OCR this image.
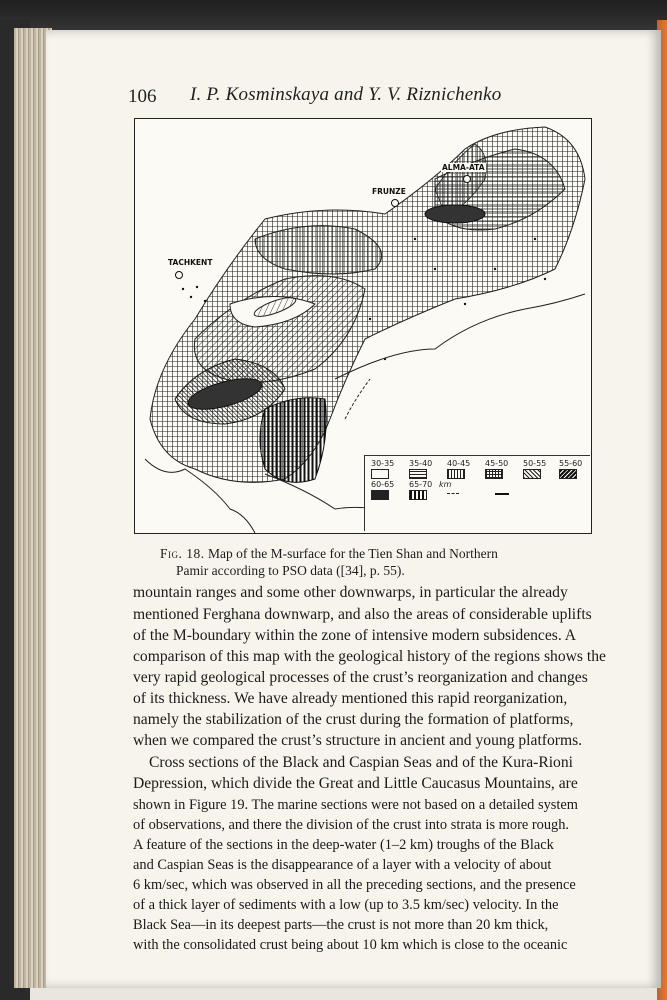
106 I. P. Kosminskaya and Y. V. Riznichenko
FRUNZE
ALMA-ATA
TACHKENT
30-35 35-40 40-45 45-50 50-55 55-60
60-65 65-70 km
Fig. 18. Map of the M-surface for the Tien Shan and Northern
Pamir according to PSO data ([34], p. 55).
mountain ranges and some other downwarps, in particular the already
mentioned Ferghana downwarp, and also the areas of considerable uplifts
of the M-boundary within the zone of intensive modern subsidences. A
comparison of this map with the geological history of the regions shows the
very rapid geological processes of the crust’s reorganization and changes
of its thickness. We have already mentioned this rapid reorganization,
namely the stabilization of the crust during the formation of platforms,
when we compared the crust’s structure in ancient and young platforms.
Cross sections of the Black and Caspian Seas and of the Kura-Rioni
Depression, which divide the Great and Little Caucasus Mountains, are
shown in Figure 19. The marine sections were not based on a detailed system
of observations, and there the division of the crust into strata is more rough.
A feature of the sections in the deep-water (1–2 km) troughs of the Black
and Caspian Seas is the disappearance of a layer with a velocity of about
6 km/sec, which was observed in all the preceding sections, and the presence
of a thick layer of sediments with a low (up to 3.5 km/sec) velocity. In the
Black Sea—in its deepest parts—the crust is not more than 20 km thick,
with the consolidated crust being about 10 km which is close to the oceanic
